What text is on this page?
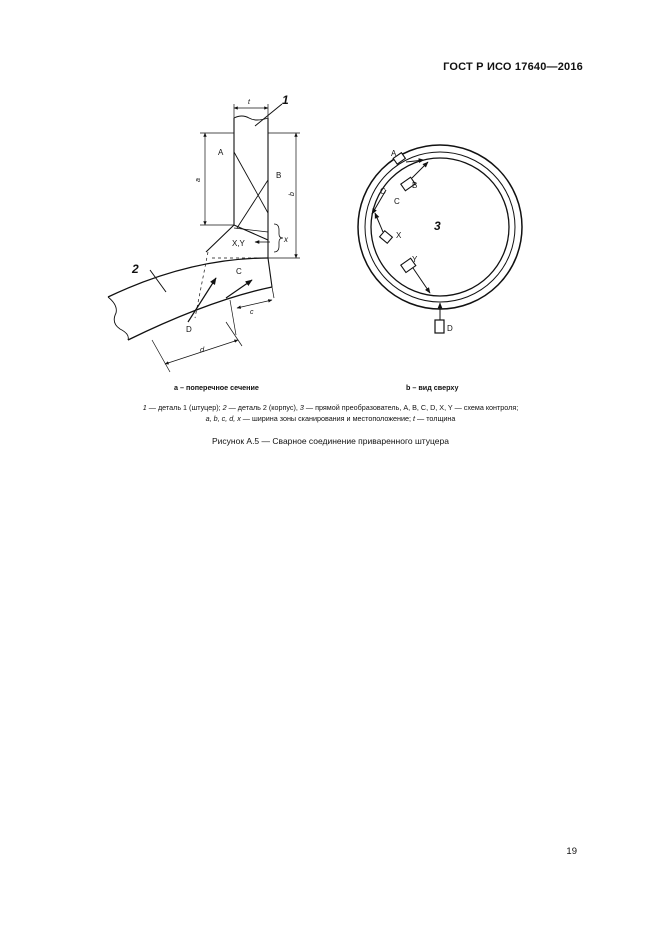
ГОСТ Р ИСО 17640—2016
1
2
t
a
b
c
d
x
A
B
C
D
X,Y
a – поперечное сечение
3
A
B
C
C
X
Y
D
b – вид сверху
1 — деталь 1 (штуцер); 2 — деталь 2 (корпус), 3 — прямой преобразователь, A, B, C, D, X, Y — схема контроля;
a, b, c, d, x — ширина зоны сканирования и местоположение; t — толщина
Рисунок А.5 — Сварное соединение приваренного штуцера
19
